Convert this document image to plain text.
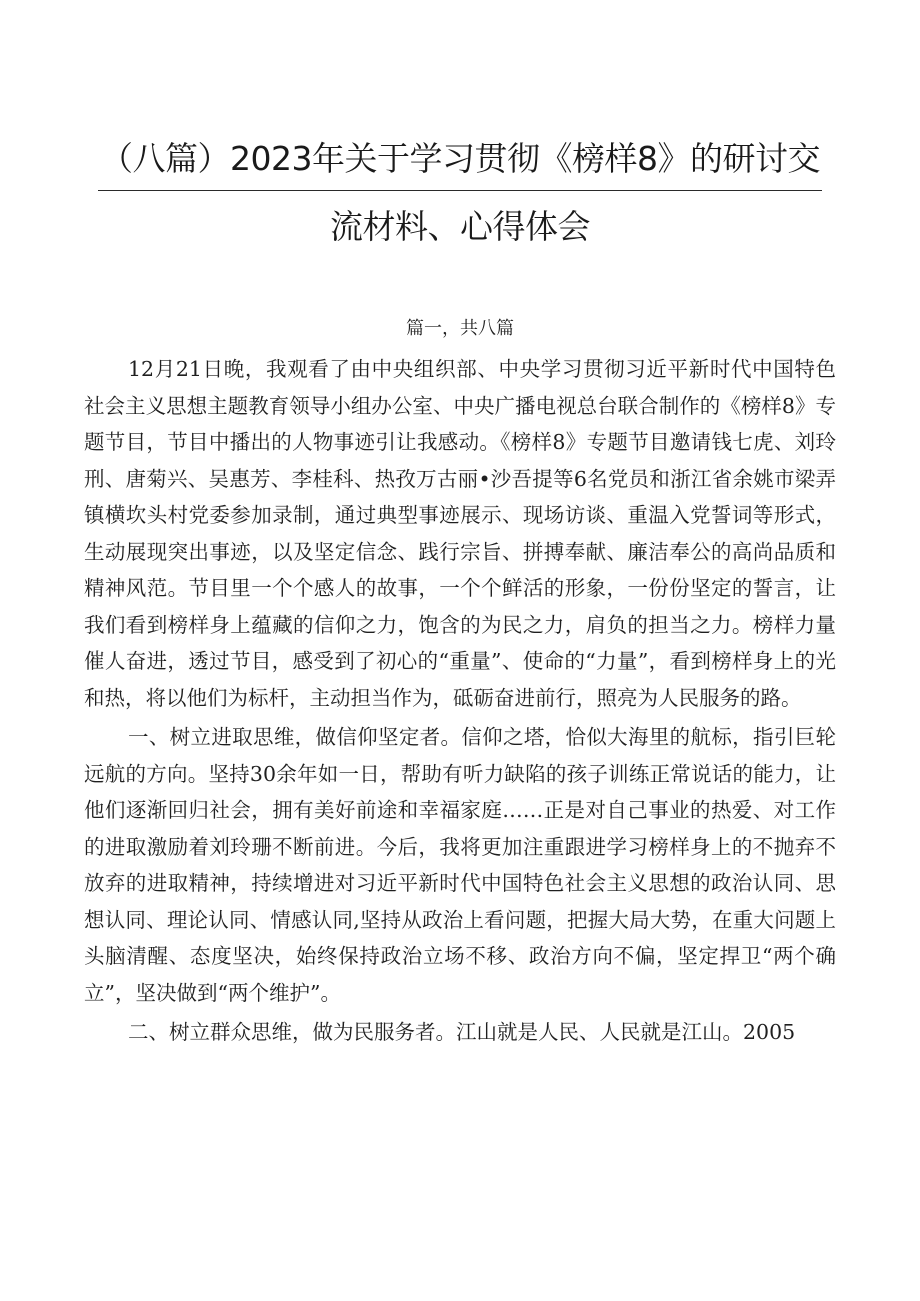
（八篇）2023年关于学习贯彻《榜样8》的研讨交
流材料、心得体会
篇一，共八篇

12月21日晚，我观看了由中央组织部、中央学习贯彻习近平新时代中国特色社会主义思想主题教育领导小组办公室、中央广播电视总台联合制作的《榜样8》专题节目，节目中播出的人物事迹引让我感动。《榜样8》专题节目邀请钱七虎、刘玲刑、唐菊兴、吴惠芳、李桂科、热孜万古丽•沙吾提等6名党员和浙江省余姚市梁弄镇横坎头村党委参加录制，通过典型事迹展示、现场访谈、重温入党誓词等形式，生动展现突出事迹，以及坚定信念、践行宗旨、拼搏奉献、廉洁奉公的高尚品质和精神风范。节目里一个个感人的故事，一个个鲜活的形象，一份份坚定的誓言，让我们看到榜样身上蕴藏的信仰之力，饱含的为民之力，肩负的担当之力。榜样力量催人奋进，透过节目，感受到了初心的“重量”、使命的“力量”，看到榜样身上的光和热，将以他们为标杆，主动担当作为，砥砺奋进前行，照亮为人民服务的路。

一、树立进取思维，做信仰坚定者。信仰之塔，恰似大海里的航标，指引巨轮远航的方向。坚持30余年如一日，帮助有听力缺陷的孩子训练正常说话的能力，让他们逐渐回归社会，拥有美好前途和幸福家庭……正是对自己事业的热爱、对工作的进取激励着刘玲珊不断前进。今后，我将更加注重跟进学习榜样身上的不抛弃不放弃的进取精神，持续增进对习近平新时代中国特色社会主义思想的政治认同、思想认同、理论认同、情感认同,坚持从政治上看问题，把握大局大势，在重大问题上头脑清醒、态度坚决，始终保持政治立场不移、政治方向不偏，坚定捍卫“两个确立”，坚决做到“两个维护”。

二、树立群众思维，做为民服务者。江山就是人民、人民就是江山。2005
